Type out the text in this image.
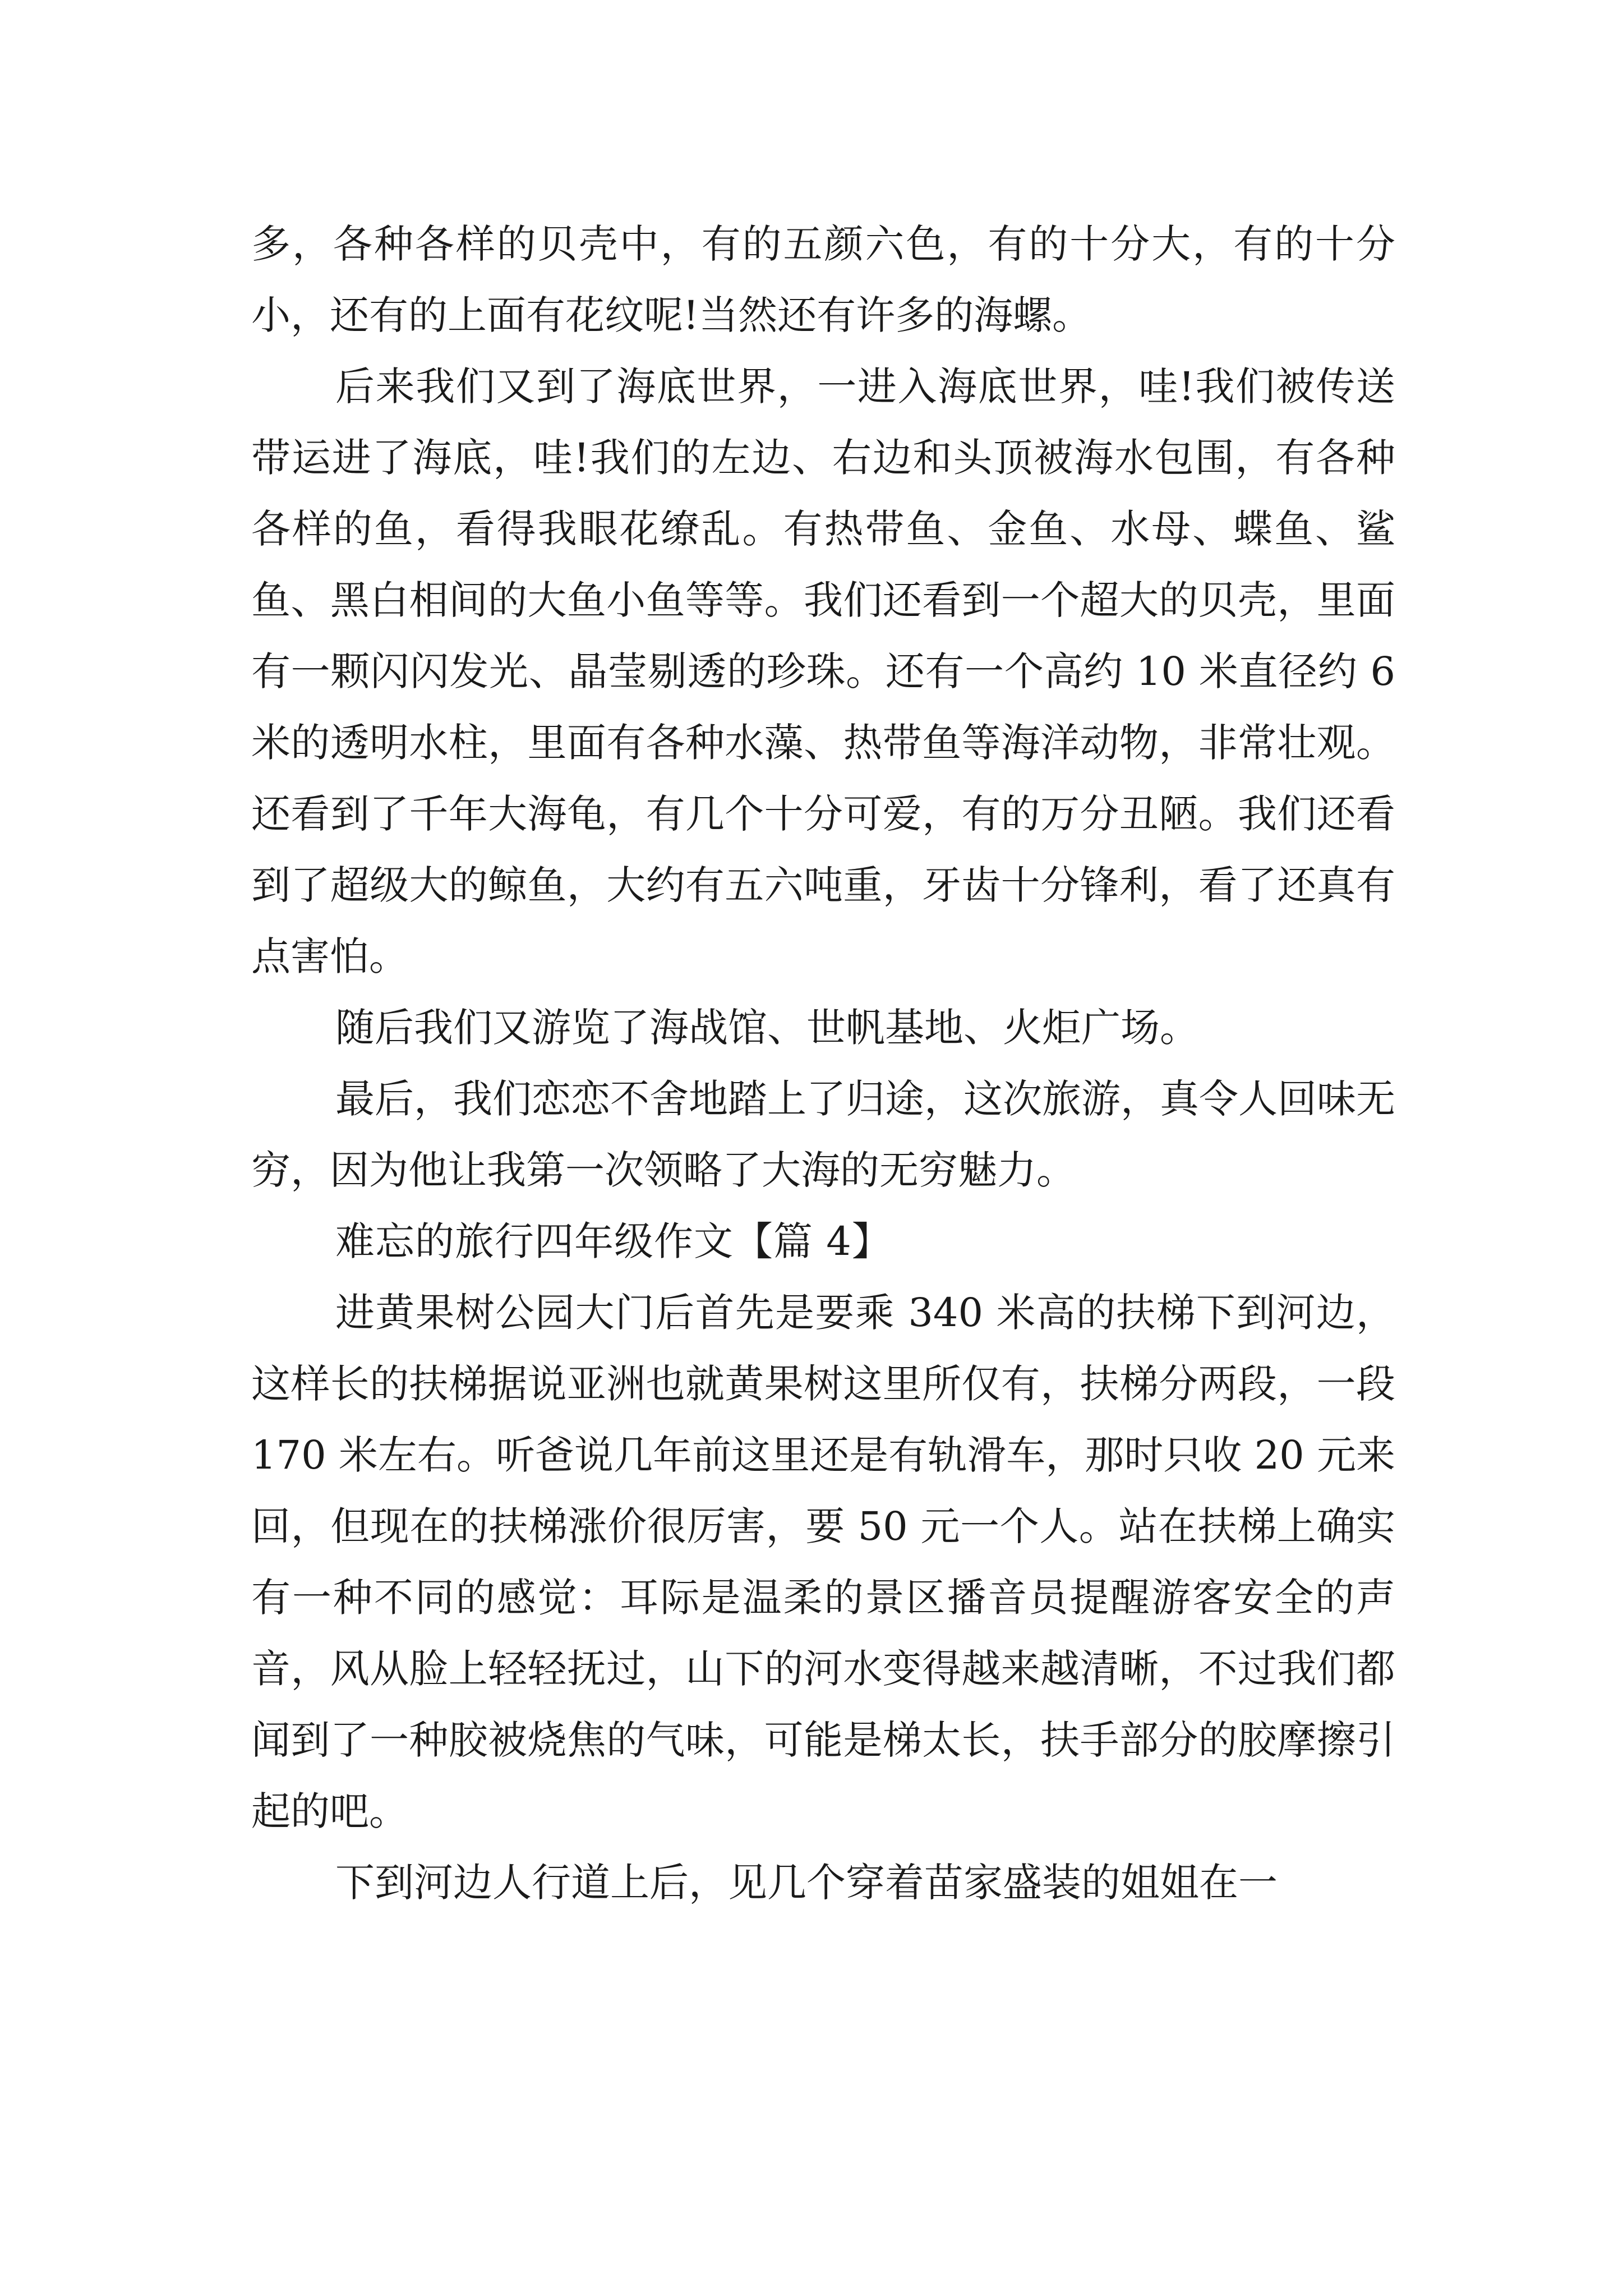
多，各种各样的贝壳中，有的五颜六色，有的十分大，有的十分小，还有的上面有花纹呢!当然还有许多的海螺。

后来我们又到了海底世界，一进入海底世界，哇!我们被传送带运进了海底，哇!我们的左边、右边和头顶被海水包围，有各种各样的鱼，看得我眼花缭乱。有热带鱼、金鱼、水母、蝶鱼、鲨鱼、黑白相间的大鱼小鱼等等。我们还看到一个超大的贝壳，里面有一颗闪闪发光、晶莹剔透的珍珠。还有一个高约 10 米直径约 6 米的透明水柱，里面有各种水藻、热带鱼等海洋动物，非常壮观。还看到了千年大海龟，有几个十分可爱，有的万分丑陋。我们还看到了超级大的鲸鱼，大约有五六吨重，牙齿十分锋利，看了还真有点害怕。

随后我们又游览了海战馆、世帆基地、火炬广场。

最后，我们恋恋不舍地踏上了归途，这次旅游，真令人回味无穷，因为他让我第一次领略了大海的无穷魅力。

难忘的旅行四年级作文【篇 4】

进黄果树公园大门后首先是要乘 340 米高的扶梯下到河边，这样长的扶梯据说亚洲也就黄果树这里所仅有，扶梯分两段，一段 170 米左右。听爸说几年前这里还是有轨滑车，那时只收 20 元来回，但现在的扶梯涨价很厉害，要 50 元一个人。站在扶梯上确实有一种不同的感觉：耳际是温柔的景区播音员提醒游客安全的声音，风从脸上轻轻抚过，山下的河水变得越来越清晰，不过我们都闻到了一种胶被烧焦的气味，可能是梯太长，扶手部分的胶摩擦引起的吧。

下到河边人行道上后，见几个穿着苗家盛装的姐姐在一
